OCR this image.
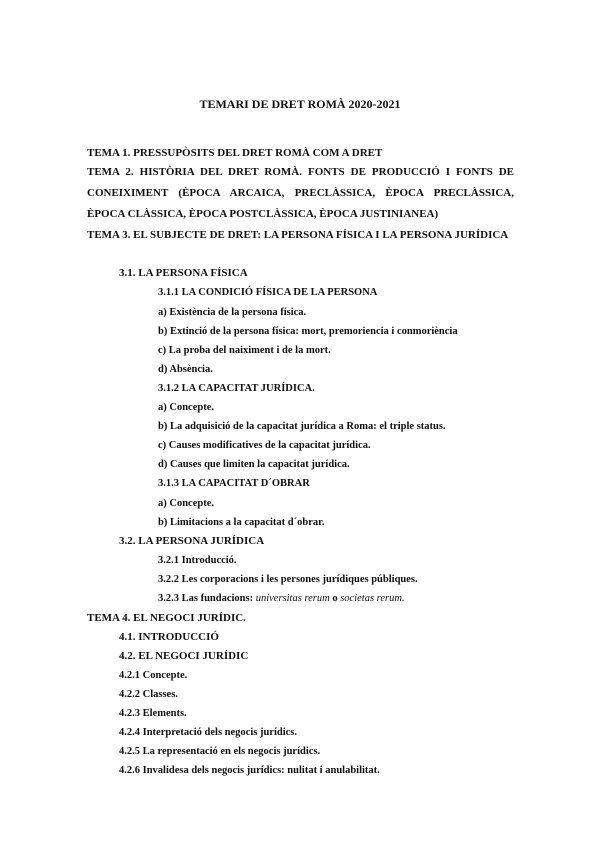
TEMARI DE DRET ROMÀ 2020-2021
TEMA 1. PRESSUPÒSITS DEL DRET ROMÀ COM A DRET
TEMA 2. HISTÒRIA DEL DRET ROMÀ. FONTS DE PRODUCCIÓ I FONTS DE CONEIXIMENT (ÈPOCA ARCAICA, PRECLÀSSICA, ÈPOCA PRECLÀSSICA, ÈPOCA CLÀSSICA, ÈPOCA POSTCLÀSSICA, ÈPOCA JUSTINIANEA)
TEMA 3. EL SUBJECTE DE DRET: LA PERSONA FÍSICA I LA PERSONA JURÍDICA
3.1. LA PERSONA FÍSICA
3.1.1 LA CONDICIÓ FÍSICA DE LA PERSONA
a) Existència de la persona física.
b) Extinció de la persona física: mort, premoriencia i conmoriència
c) La proba del naiximent i de la mort.
d) Absència.
3.1.2 LA CAPACITAT JURÍDICA.
a) Concepte.
b) La adquisició de la capacitat jurídica a Roma: el triple status.
c) Causes modificatives de la capacitat jurídica.
d) Causes que limiten la capacitat jurídica.
3.1.3 LA CAPACITAT D´OBRAR
a) Concepte.
b) Limitacions a la capacitat d´obrar.
3.2. LA PERSONA JURÍDICA
3.2.1 Introducció.
3.2.2 Les corporacions i les persones jurídiques públiques.
3.2.3 Las fundacions: universitas rerum o societas rerum.
TEMA 4. EL NEGOCI JURÍDIC.
4.1. INTRODUCCIÓ
4.2. EL NEGOCI JURÍDIC
4.2.1 Concepte.
4.2.2 Classes.
4.2.3 Elements.
4.2.4 Interpretació dels negocis jurídics.
4.2.5 La representació en els negocis jurídics.
4.2.6 Invalidesa dels negocis jurídics: nulitat i anulabilitat.
